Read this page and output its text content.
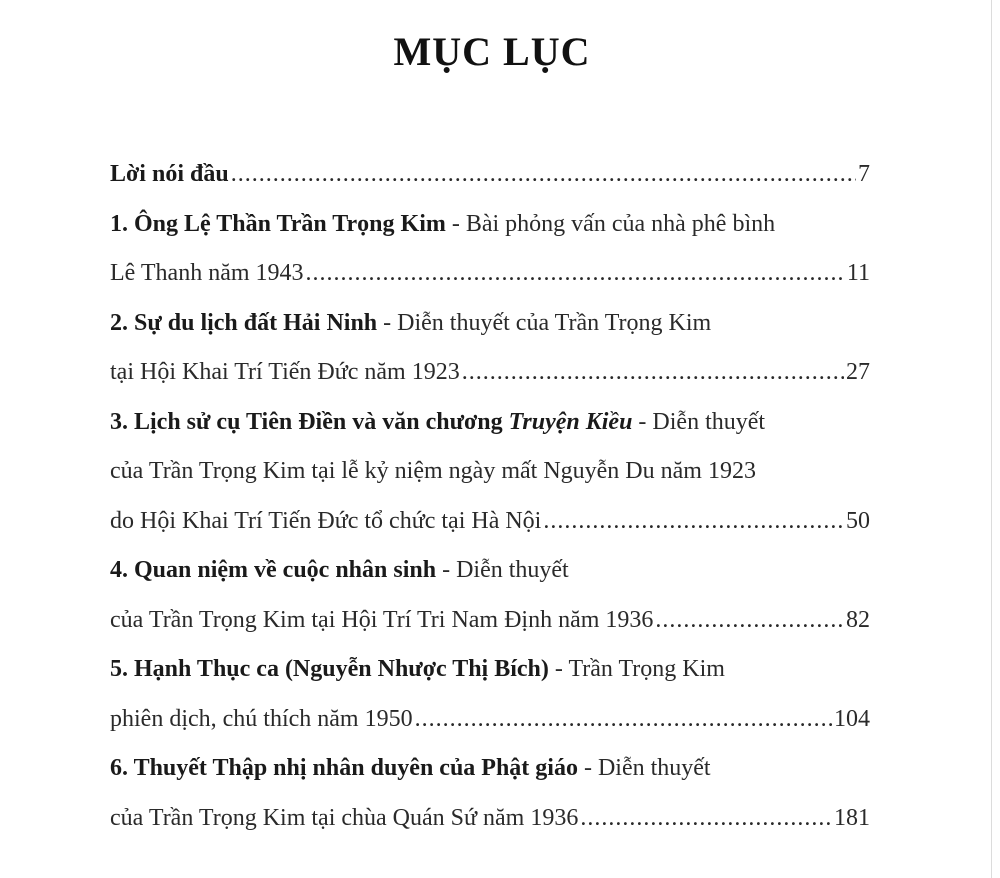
MỤC LỤC
Lời nói đầu .....	7
1. Ông Lệ Thần Trần Trọng Kim - Bài phỏng vấn của nhà phê bình
Lê Thanh năm 1943 .....	11
2. Sự du lịch đất Hải Ninh - Diễn thuyết của Trần Trọng Kim
tại Hội Khai Trí Tiến Đức năm 1923 .....	27
3. Lịch sử cụ Tiên Điền và văn chương Truyện Kiều - Diễn thuyết
của Trần Trọng Kim tại lễ kỷ niệm ngày mất Nguyễn Du năm 1923
do Hội Khai Trí Tiến Đức tổ chức tại Hà Nội .....	50
4. Quan niệm về cuộc nhân sinh - Diễn thuyết
của Trần Trọng Kim tại Hội Trí Tri Nam Định năm 1936 .....	82
5. Hạnh Thục ca (Nguyễn Nhược Thị Bích) - Trần Trọng Kim
phiên dịch, chú thích năm 1950 .....	104
6. Thuyết Thập nhị nhân duyên của Phật giáo - Diễn thuyết
của Trần Trọng Kim tại chùa Quán Sứ năm 1936 .....	181
